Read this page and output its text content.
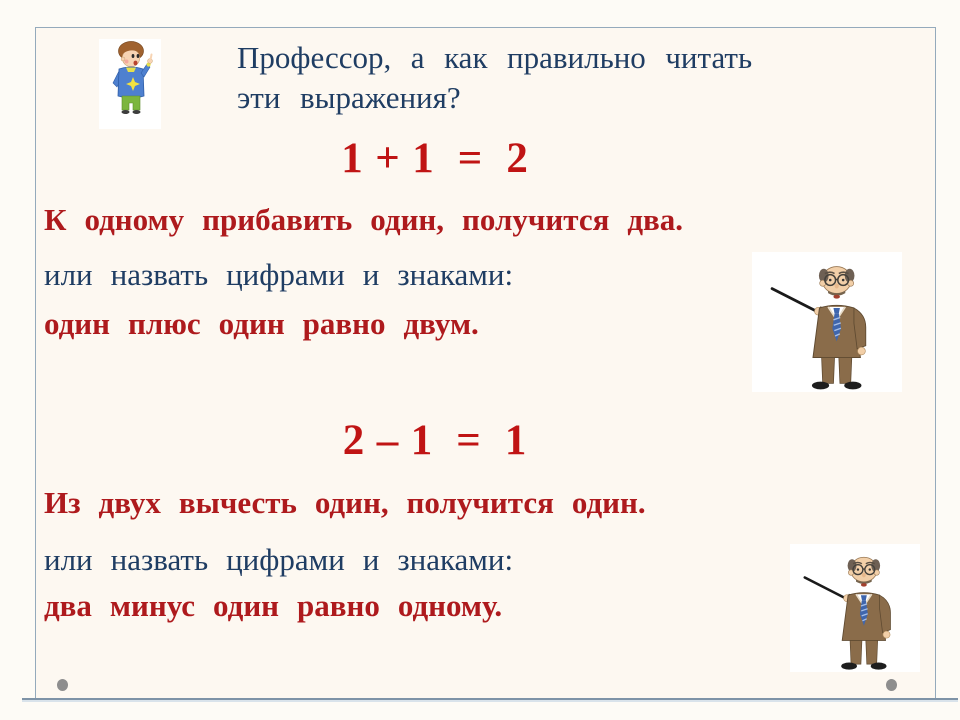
Профессор, а как правильно читать
эти выражения?
1 + 1  =  2
К одному прибавить один, получится два.
или назвать цифрами и знаками:
один плюс один равно двум.
2 – 1  =  1
Из двух вычесть один, получится один.
или назвать цифрами и знаками:
два минус один равно одному.
